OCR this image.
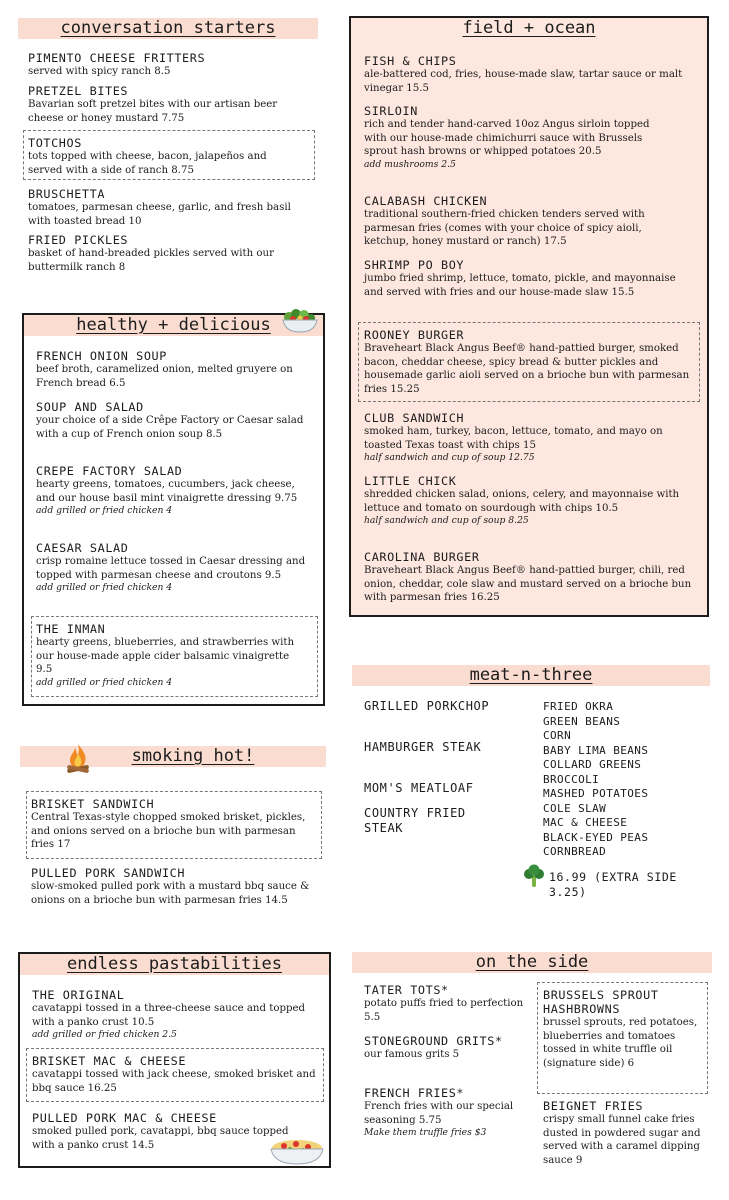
conversation starters
PIMENTO CHEESE FRITTERS
served with spicy ranch 8.5
PRETZEL BITES
Bavarian soft pretzel bites with our artisan beer cheese or honey mustard 7.75
TOTCHOS
tots topped with cheese, bacon, jalapeños and served with a side of ranch 8.75
BRUSCHETTA
tomatoes, parmesan cheese, garlic, and fresh basil with toasted bread 10
FRIED PICKLES
basket of hand-breaded pickles served with our buttermilk ranch 8
healthy + delicious
FRENCH ONION SOUP
beef broth, caramelized onion, melted gruyere on French bread 6.5
SOUP AND SALAD
your choice of a side Crêpe Factory or Caesar salad with a cup of French onion soup 8.5
CREPE FACTORY SALAD
hearty greens, tomatoes, cucumbers, jack cheese, and our house basil mint vinaigrette dressing 9.75
add grilled or fried chicken 4
CAESAR SALAD
crisp romaine lettuce tossed in Caesar dressing and topped with parmesan cheese and croutons 9.5
add grilled or fried chicken 4
THE INMAN
hearty greens, blueberries, and strawberries with our house-made apple cider balsamic vinaigrette 9.5
add grilled or fried chicken 4
smoking hot!
BRISKET SANDWICH
Central Texas-style chopped smoked brisket, pickles, and onions served on a brioche bun with parmesan fries 17
PULLED PORK SANDWICH
slow-smoked pulled pork with a mustard bbq sauce & onions on a brioche bun with parmesan fries 14.5
endless pastabilities
THE ORIGINAL
cavatappi tossed in a three-cheese sauce and topped with a panko crust 10.5
add grilled or fried chicken 2.5
BRISKET MAC & CHEESE
cavatappi tossed with jack cheese, smoked brisket and bbq sauce 16.25
PULLED PORK MAC & CHEESE
smoked pulled pork, cavatappi, bbq sauce topped with a panko crust 14.5
field + ocean
FISH & CHIPS
ale-battered cod, fries, house-made slaw, tartar sauce or malt vinegar 15.5
SIRLOIN
rich and tender hand-carved 10oz Angus sirloin topped with our house-made chimichurri sauce with Brussels sprout hash browns or whipped potatoes 20.5
add mushrooms 2.5
CALABASH CHICKEN
traditional southern-fried chicken tenders served with parmesan fries (comes with your choice of spicy aioli, ketchup, honey mustard or ranch) 17.5
SHRIMP PO BOY
jumbo fried shrimp, lettuce, tomato, pickle, and mayonnaise and served with fries and our house-made slaw 15.5
ROONEY BURGER
Braveheart Black Angus Beef® hand-pattied burger, smoked bacon, cheddar cheese, spicy bread & butter pickles and housemade garlic aioli served on a brioche bun with parmesan fries 15.25
CLUB SANDWICH
smoked ham, turkey, bacon, lettuce, tomato, and mayo on toasted Texas toast with chips 15
half sandwich and cup of soup 12.75
LITTLE CHICK
shredded chicken salad, onions, celery, and mayonnaise with lettuce and tomato on sourdough with chips 10.5
half sandwich and cup of soup 8.25
CAROLINA BURGER
Braveheart Black Angus Beef® hand-pattied burger, chili, red onion, cheddar, cole slaw and mustard served on a brioche bun with parmesan fries 16.25
meat-n-three
GRILLED PORKCHOP
HAMBURGER STEAK
MOM'S MEATLOAF
COUNTRY FRIED STEAK
FRIED OKRA
GREEN BEANS
CORN
BABY LIMA BEANS
COLLARD GREENS
BROCCOLI
MASHED POTATOES
COLE SLAW
MAC & CHEESE
BLACK-EYED PEAS
CORNBREAD
16.99 (EXTRA SIDE 3.25)
on the side
TATER TOTS*
potato puffs fried to perfection 5.5
STONEGROUND GRITS*
our famous grits 5
FRENCH FRIES*
French fries with our special seasoning 5.75
Make them truffle fries $3
BRUSSELS SPROUT HASHBROWNS
brussel sprouts, red potatoes, blueberries and tomatoes tossed in white truffle oil (signature side) 6
BEIGNET FRIES
crispy small funnel cake fries dusted in powdered sugar and served with a caramel dipping sauce 9
